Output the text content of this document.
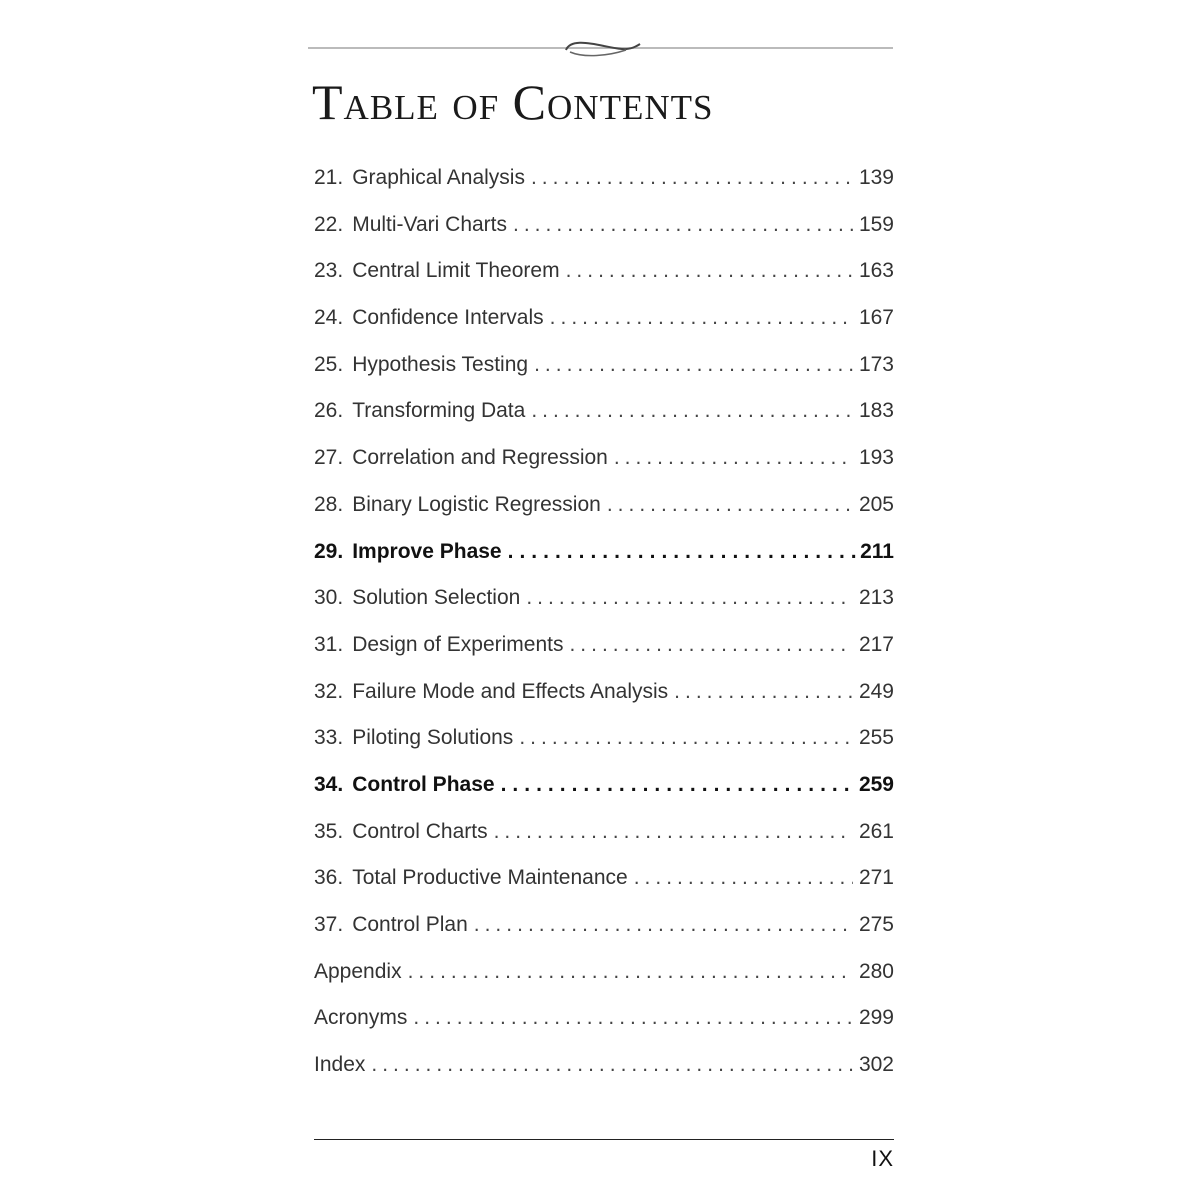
Table of Contents
21. Graphical Analysis .....	139
22. Multi-Vari Charts .....	159
23. Central Limit Theorem .....	163
24. Confidence Intervals .....	167
25. Hypothesis Testing .....	173
26. Transforming Data .....	183
27. Correlation and Regression .....	193
28. Binary Logistic Regression .....	205
29. Improve Phase .....	211
30. Solution Selection .....	213
31. Design of Experiments .....	217
32. Failure Mode and Effects Analysis .....	249
33. Piloting Solutions .....	255
34. Control Phase .....	259
35. Control Charts .....	261
36. Total Productive Maintenance .....	271
37. Control Plan .....	275
Appendix .....	280
Acronyms .....	299
Index .....	302
IX
